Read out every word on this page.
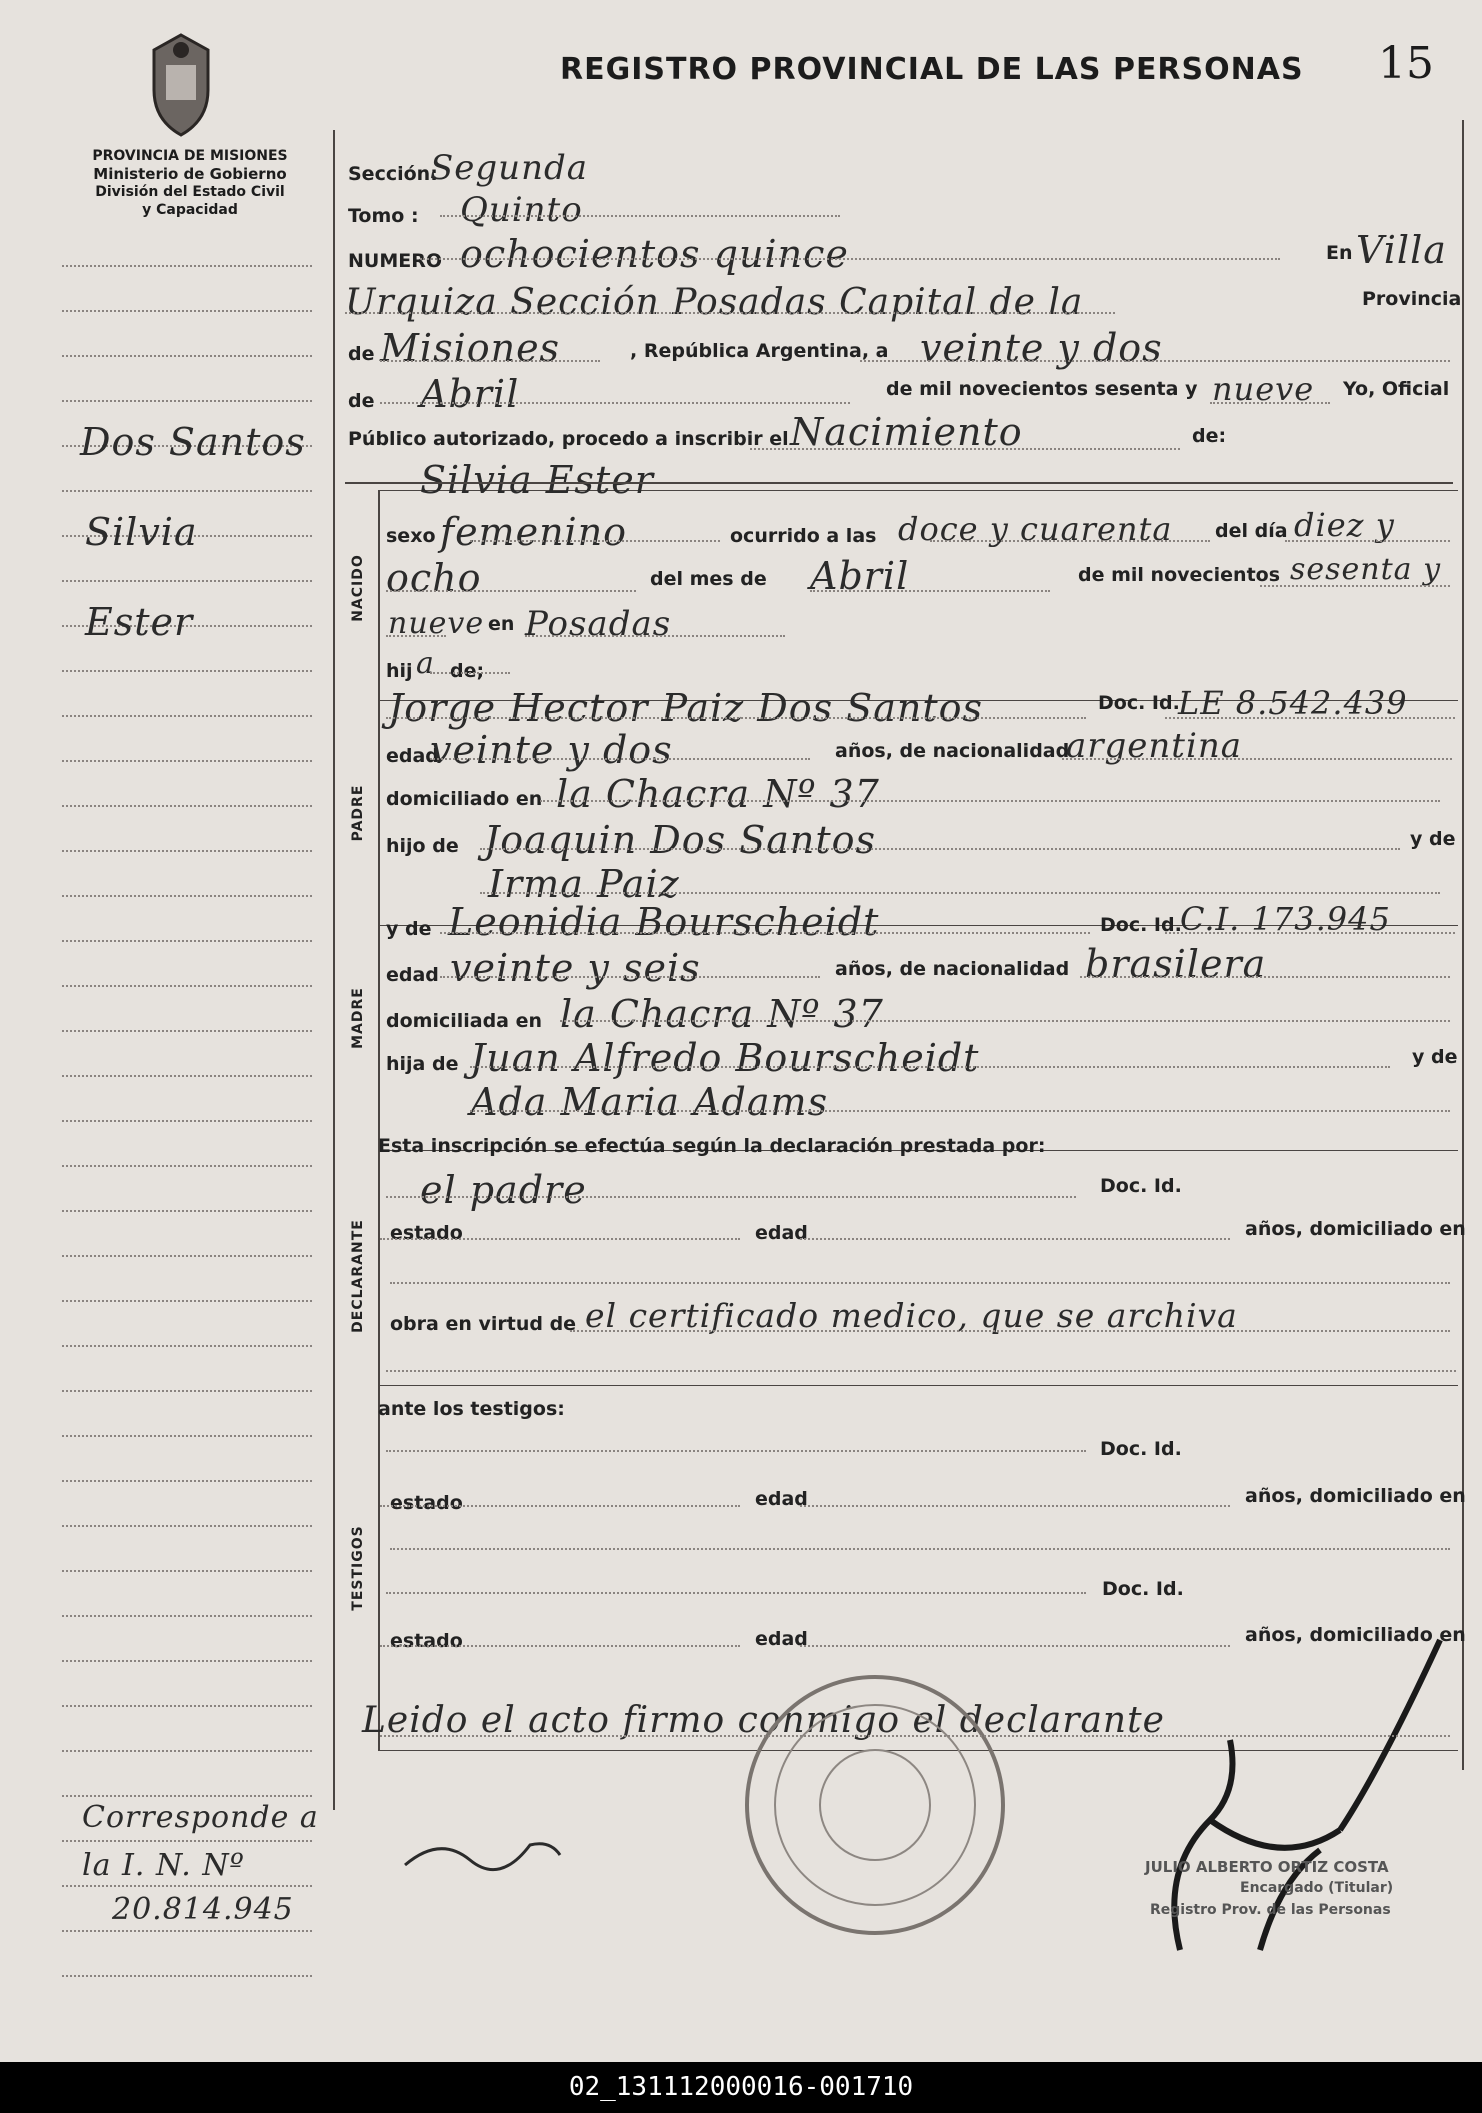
PROVINCIA DE MISIONES
Ministerio de Gobierno
División del Estado Civil
y Capacidad
REGISTRO PROVINCIAL DE LAS PERSONAS 15
Dos Santos
Silvia
Ester
Corresponde a
la I. N. Nº
20.814.945
Sección:
Segunda
Tomo : Quinto
NUMERO ochocientos quince	En Villa
Urquiza Sección Posadas Capital de la	Provincia
de Misiones	, República Argentina, a veinte y dos
de Abril	de mil novecientos sesenta y nueve Yo, Oficial
Público autorizado, procedo a inscribir el Nacimiento	de:
Silvia Ester
NACIDO
PADRE
MADRE
DECLARANTE
TESTIGOS
sexo femenino	ocurrido a las doce y cuarenta del día diez y
ocho	del mes de Abril	de mil novecientos sesenta y
nueve en Posadas
hij a de;
Jorge Hector Paiz Dos Santos	Doc. Id.
LE 8.542.439
edad
veinte y dos	años, de nacionalidad
argentina
domiciliado en la Chacra Nº 37
hijo de Joaquin Dos Santos	y de
Irma Paiz
y de Leonidia Bourscheidt	Doc. Id.
C.I. 173.945
edad veinte y seis	años, de nacionalidad brasilera
domiciliada en la Chacra Nº 37
hija de Juan Alfredo Bourscheidt	y de
Ada Maria Adams
Esta inscripción se efectúa según la declaración prestada por:
el padre	Doc. Id.
estado	edad	años, domiciliado en
obra en virtud de el certificado medico, que se archiva
ante los testigos:
Doc. Id.
estado	edad	años, domiciliado en
Doc. Id.
estado	edad	años, domiciliado en
Leido el acto firmo conmigo el declarante
JULIO ALBERTO ORTIZ COSTA
Encargado (Titular)
Registro Prov. de las Personas
02_131112000016-001710
